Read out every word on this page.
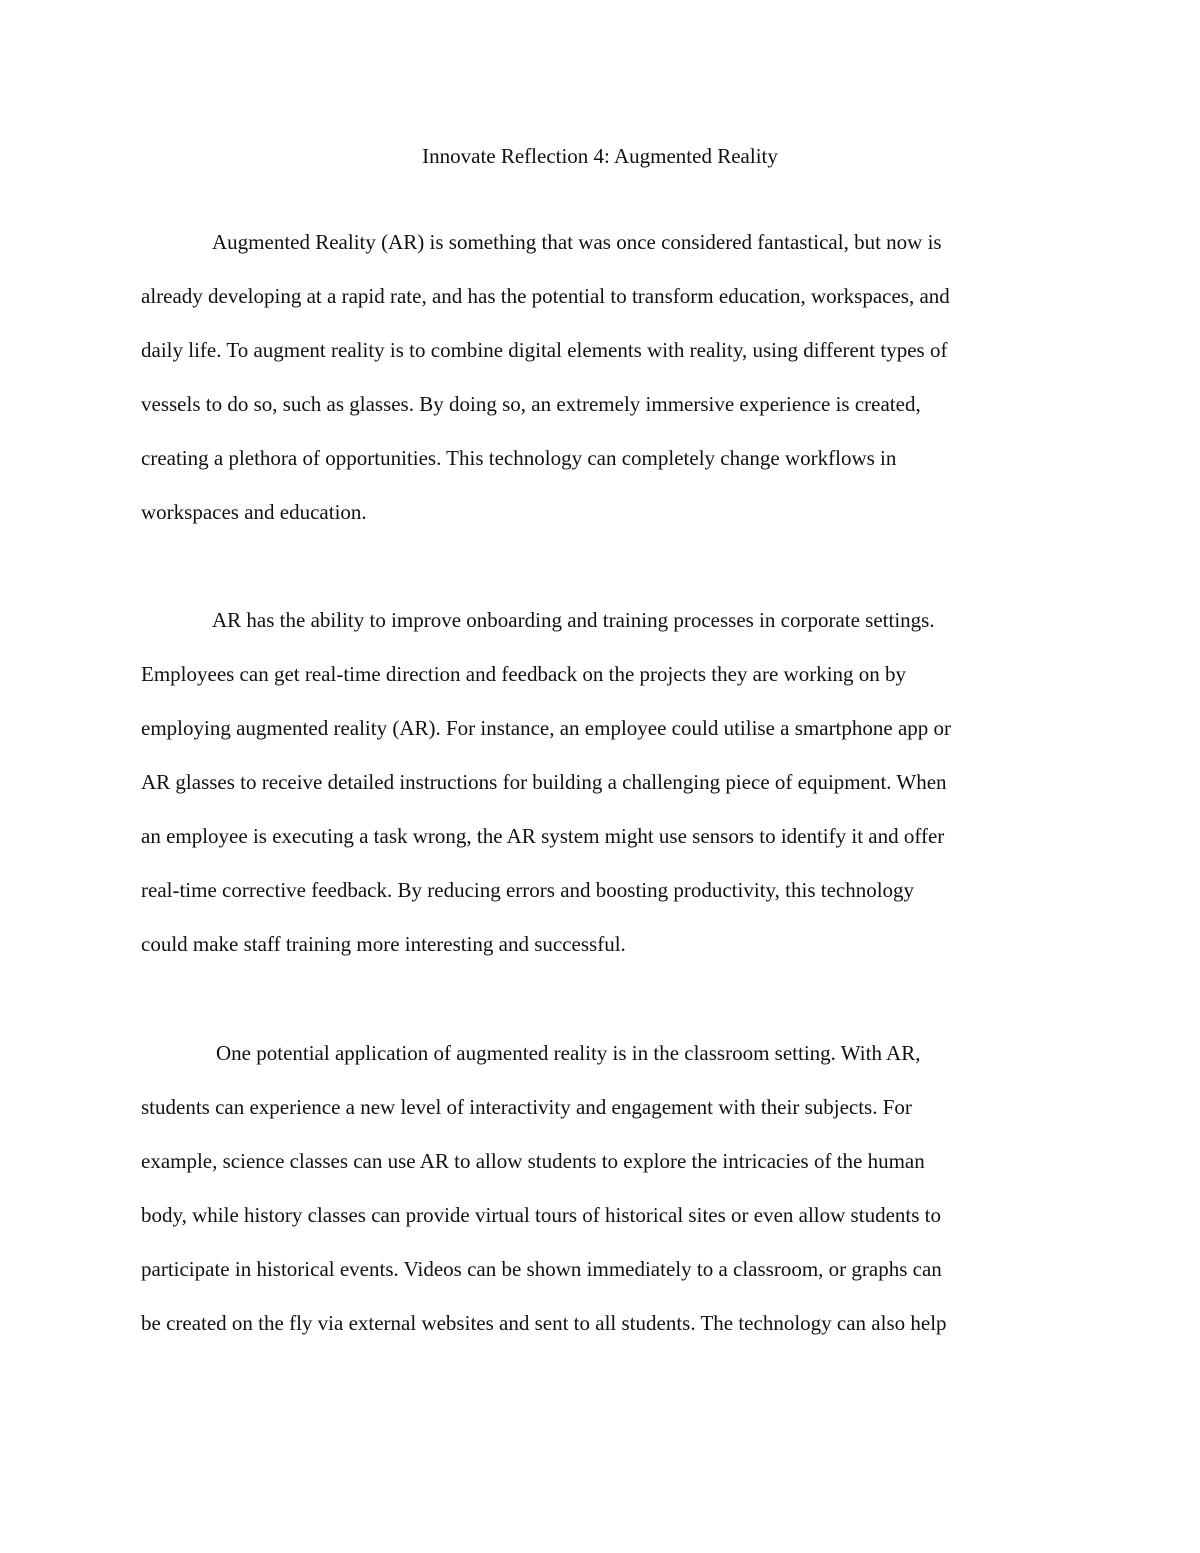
Innovate Reflection 4: Augmented Reality
Augmented Reality (AR) is something that was once considered fantastical, but now is
already developing at a rapid rate, and has the potential to transform education, workspaces, and
daily life. To augment reality is to combine digital elements with reality, using different types of
vessels to do so, such as glasses. By doing so, an extremely immersive experience is created,
creating a plethora of opportunities. This technology can completely change workflows in
workspaces and education.
AR has the ability to improve onboarding and training processes in corporate settings.
Employees can get real-time direction and feedback on the projects they are working on by
employing augmented reality (AR). For instance, an employee could utilise a smartphone app or
AR glasses to receive detailed instructions for building a challenging piece of equipment. When
an employee is executing a task wrong, the AR system might use sensors to identify it and offer
real-time corrective feedback. By reducing errors and boosting productivity, this technology
could make staff training more interesting and successful.
One potential application of augmented reality is in the classroom setting. With AR,
students can experience a new level of interactivity and engagement with their subjects. For
example, science classes can use AR to allow students to explore the intricacies of the human
body, while history classes can provide virtual tours of historical sites or even allow students to
participate in historical events. Videos can be shown immediately to a classroom, or graphs can
be created on the fly via external websites and sent to all students. The technology can also help
